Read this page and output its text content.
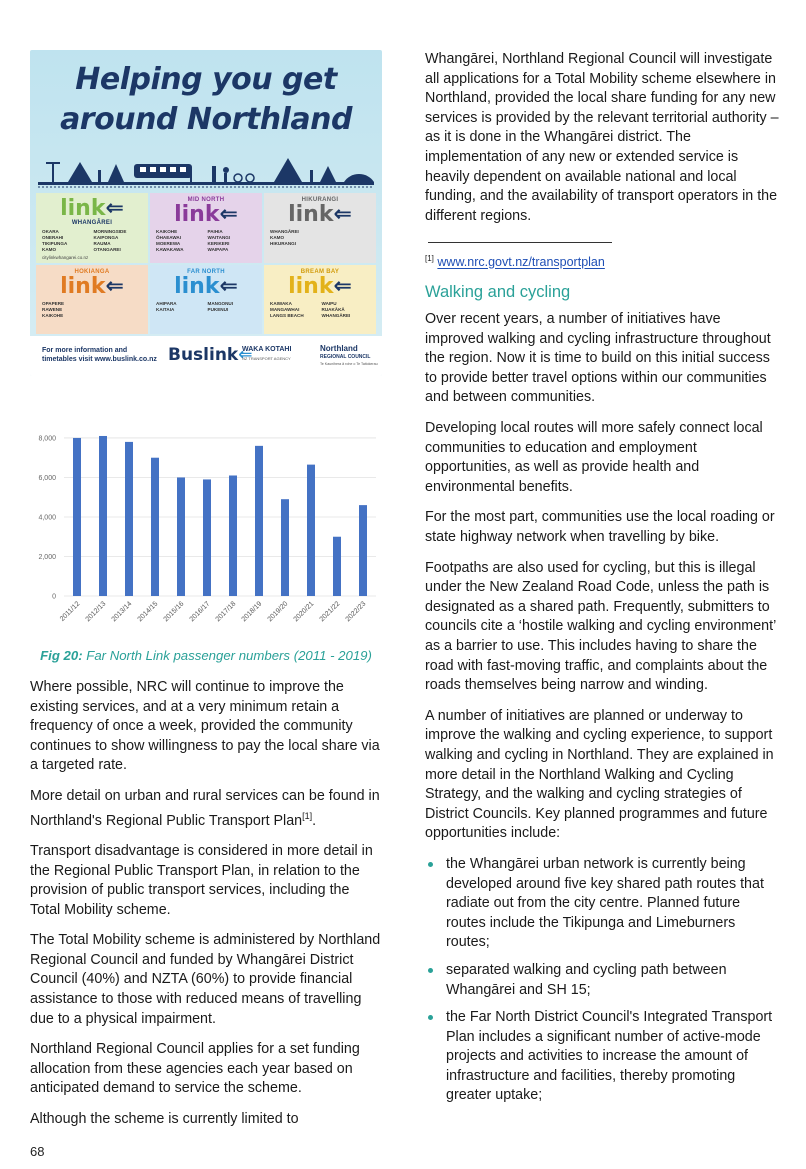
Helping you get
around Northland
link⇐
WHANGĀREI
OKARA	MORNINGSIDE
ONERAHI	KAIPONGA
TIKIPUNGA	RAUMA
KAMO	OTANGAREI
citylinkwhangarei.co.nz
MID NORTH
link⇐
KAIKOHE	PAIHIA
ŌHAEAWAI	WAITANGI
MOEREWA	KERIKERI
KAWAKAWA	WAIPAPA
HIKURANGI
link⇐
WHANGĀREI
KAMO
HIKURANGI
HOKIANGA
link⇐
OPAPERE
RAWENE
KAIKOHE
FAR NORTH
link⇐
AHIPARA	MANGONUI
KAITAIA	PUKENUI
BREAM BAY
link⇐
KAIWAKA	WAIPU
MANGAWHAI	RUAKĀKĀ
LANGS BEACH	WHANGĀREI
For more information and timetables visit www.buslink.co.nz Buslink⇐
WAKA KOTAHI
NZ TRANSPORT AGENCY
Northland
REGIONAL COUNCIL
Te Kaunihera ā rohe o Te Taitokerau
0
2,000
4,000
6,000
8,000
2011/12 2012/13 2013/14 2014/15 2015/16 2016/17 2017/18 2018/19 2019/20 2020/21 2021/22 2022/23
Fig 20: Far North Link passenger numbers (2011 - 2019)

Where possible, NRC will continue to improve the existing services, and at a very minimum retain a frequency of once a week, provided the community continues to show willingness to pay the local share via a targeted rate.

More detail on urban and rural services can be found in Northland's Regional Public Transport Plan[1].

Transport disadvantage is considered in more detail in the Regional Public Transport Plan, in relation to the provision of public transport services, including the Total Mobility scheme.

The Total Mobility scheme is administered by Northland Regional Council and funded by Whangārei District Council (40%) and NZTA (60%) to provide financial assistance to those with reduced means of travelling due to a physical impairment.

Northland Regional Council applies for a set funding allocation from these agencies each year based on anticipated demand to service the scheme.

Although the scheme is currently limited to

Whangārei, Northland Regional Council will investigate all applications for a Total Mobility scheme elsewhere in Northland, provided the local share funding for any new services is provided by the relevant territorial authority – as it is done in the Whangārei district. The implementation of any new or extended service is heavily dependent on available national and local funding, and the availability of transport operators in the different regions.

[1] www.nrc.govt.nz/transportplan

Walking and cycling

Over recent years, a number of initiatives have improved walking and cycling infrastructure throughout the region. Now it is time to build on this initial success to provide better travel options within our communities and between communities.

Developing local routes will more safely connect local communities to education and employment opportunities, as well as provide health and environmental benefits.

For the most part, communities use the local roading or state highway network when travelling by bike.

Footpaths are also used for cycling, but this is illegal under the New Zealand Road Code, unless the path is designated as a shared path. Frequently, submitters to councils cite a ‘hostile walking and cycling environment’ as a barrier to use. This includes having to share the road with fast-moving traffic, and complaints about the roads themselves being narrow and winding.

A number of initiatives are planned or underway to improve the walking and cycling experience, to support walking and cycling in Northland. They are explained in more detail in the Northland Walking and Cycling Strategy, and the walking and cycling strategies of District Councils. Key planned programmes and future opportunities include:

the Whangārei urban network is currently being developed around five key shared path routes that radiate out from the city centre. Planned future routes include the Tikipunga and Limeburners routes;
separated walking and cycling path between Whangārei and SH 15;
the Far North District Council's Integrated Transport Plan includes a significant number of active-mode projects and activities to increase the amount of infrastructure and facilities, thereby promoting greater uptake;
68
